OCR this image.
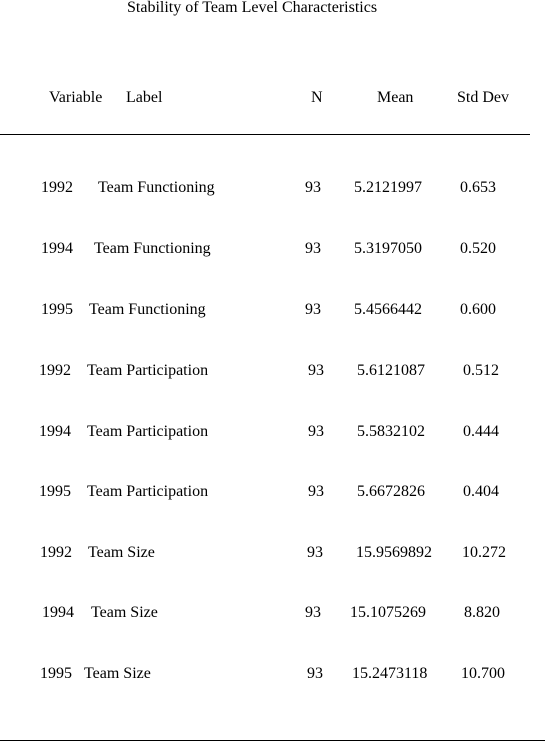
Stability of Team Level Characteristics
Variable Label	N	Mean	Std Dev
1992 Team Functioning	93 5.2121997 0.653
1994 Team Functioning	93 5.3197050 0.520
1995 Team Functioning	93 5.4566442 0.600
1992 Team Participation	93 5.6121087 0.512
1994 Team Participation	93 5.5832102 0.444
1995 Team Participation	93 5.6672826 0.404
1992 Team Size	93 15.9569892 10.272
1994 Team Size	93 15.1075269 8.820
1995 Team Size	93 15.2473118 10.700
